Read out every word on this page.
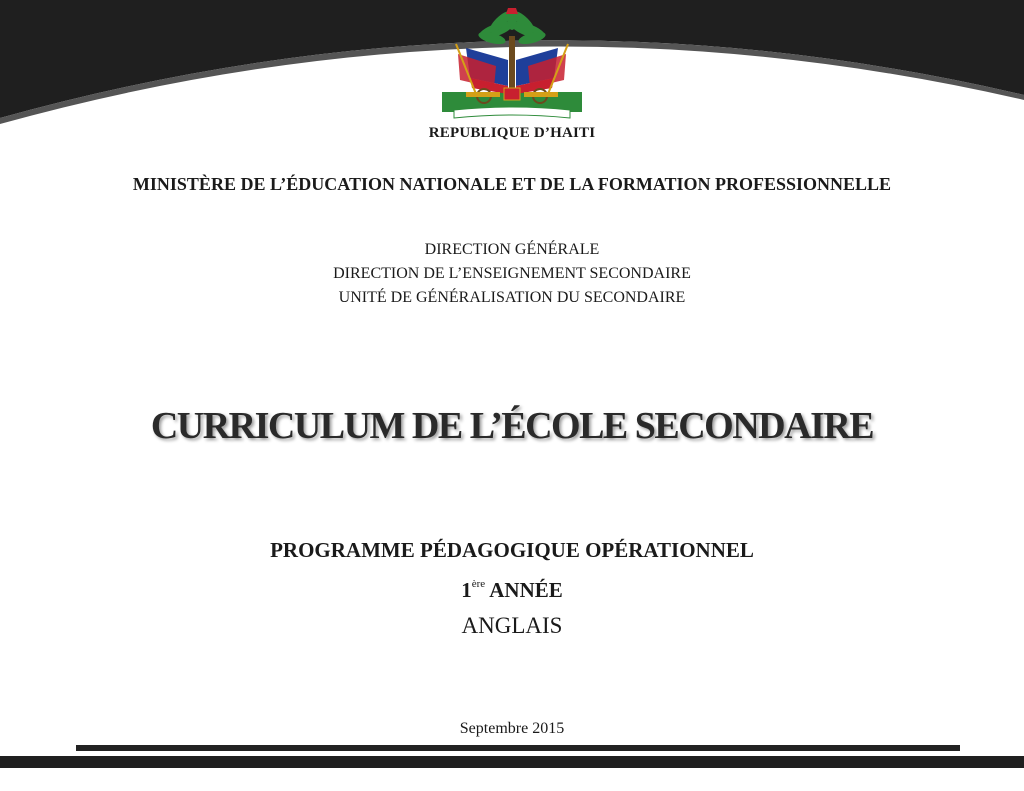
REPUBLIQUE D’HAITI
MINISTÈRE DE L’ÉDUCATION NATIONALE ET DE LA FORMATION PROFESSIONNELLE
DIRECTION GÉNÉRALE
DIRECTION DE L’ENSEIGNEMENT SECONDAIRE
UNITÉ DE GÉNÉRALISATION DU SECONDAIRE
CURRICULUM DE L’ÉCOLE SECONDAIRE
PROGRAMME PÉDAGOGIQUE OPÉRATIONNEL
1ère ANNÉE
ANGLAIS
Septembre 2015
